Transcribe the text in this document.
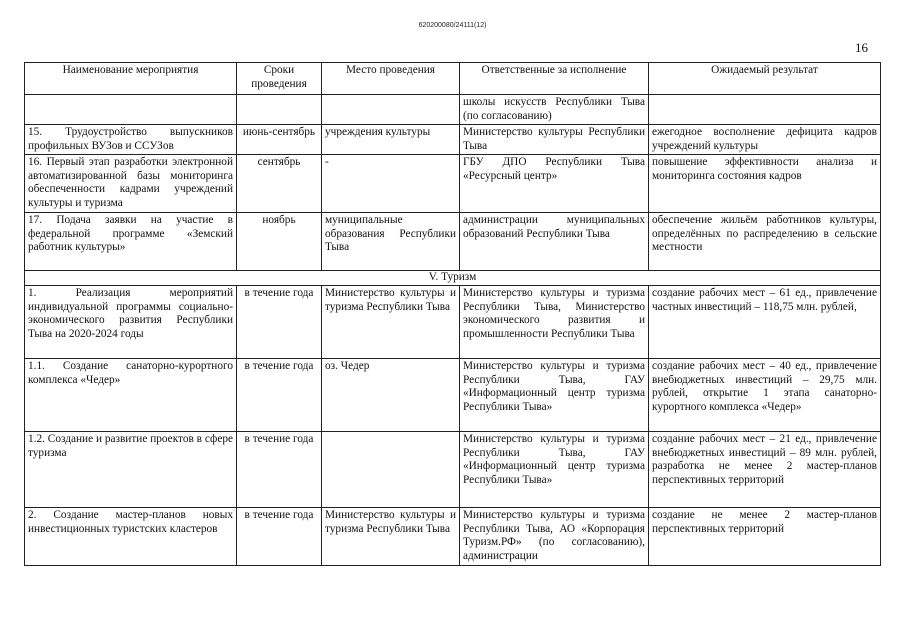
620200080/24111(12)
16
Наименование мероприятия	Сроки проведения	Место проведения	Ответственные за исполнение	Ожидаемый результат
			школы искусств Республики Тыва (по согласованию)	
15. Трудоустройство выпускников профильных ВУЗов и ССУЗов	июнь-сентябрь	учреждения культуры	Министерство культуры Республики Тыва	ежегодное восполнение дефицита кадров учреждений культуры
16. Первый этап разработки электронной автоматизированной базы мониторинга обеспеченности кадрами учреждений культуры и туризма	сентябрь	-	ГБУ ДПО Республики Тыва «Ресурсный центр»	повышение эффективности анализа и мониторинга состояния кадров
17. Подача заявки на участие в федеральной программе «Земский работник культуры»	ноябрь	муниципальные образования Республики Тыва	администрации муниципальных образований Республики Тыва	обеспечение жильём работников культуры, определённых по распределению в сельские местности
V. Туризм				
1. Реализация мероприятий индивидуальной программы социально-экономического развития Республики Тыва на 2020-2024 годы	в течение года	Министерство культуры и туризма Республики Тыва	Министерство культуры и туризма Республики Тыва, Министерство экономического развития и промышленности Республики Тыва	создание рабочих мест – 61 ед., привлечение частных инвестиций – 118,75 млн. рублей,
1.1. Создание санаторно-курортного комплекса «Чедер»	в течение года	оз. Чедер	Министерство культуры и туризма Республики Тыва, ГАУ «Информационный центр туризма Республики Тыва»	создание рабочих мест – 40 ед., привлечение внебюджетных инвестиций – 29,75 млн. рублей, открытие 1 этапа санаторно-курортного комплекса «Чедер»
1.2. Создание и развитие проектов в сфере туризма	в течение года		Министерство культуры и туризма Республики Тыва, ГАУ «Информационный центр туризма Республики Тыва»	создание рабочих мест – 21 ед., привлечение внебюджетных инвестиций – 89 млн. рублей, разработка не менее 2 мастер-планов перспективных территорий
2. Создание мастер-планов новых инвестиционных туристских кластеров	в течение года	Министерство культуры и туризма Республики Тыва	Министерство культуры и туризма Республики Тыва, АО «Корпорация Туризм.РФ» (по согласованию), администрации	создание не менее 2 мастер-планов перспективных территорий
